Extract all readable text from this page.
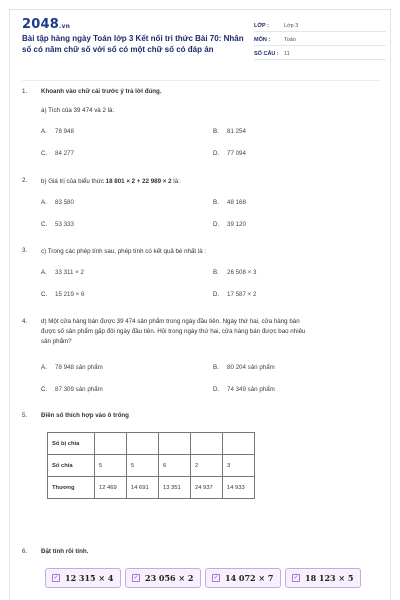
2048.vn
Bài tập hàng ngày Toán lớp 3 Kết nối tri thức Bài 70: Nhân số có năm chữ số với số có một chữ số có đáp án
LỚP :	Lớp 3
MÔN :	Toán
SỐ CÂU : 11
1. Khoanh vào chữ cái trước ý trả lời đúng.
a) Tích của 39 474 và 2 là:
A. 78 948	B. 81 254
C. 84 277	D. 77 094
2. b) Giá trị của biểu thức 18 801 × 2 + 22 989 × 2 là:
A. 83 580	B. 48 168
C. 53 333	D. 39 120
3. c) Trong các phép tính sau, phép tính có kết quả bé nhất là :
A. 33 311 × 2	B. 26 508 × 3
C. 15 219 × 6	D. 17 587 × 2
4. d) Một cửa hàng bán được 39 474 sản phẩm trong ngày đầu tiên. Ngày thứ hai, cửa hàng bán
được số sản phẩm gấp đôi ngày đầu tiên. Hỏi trong ngày thứ hai, cửa hàng bán được bao nhiêu
sản phẩm?
A. 78 948 sản phẩm	B. 80 204 sản phẩm
C. 87 309 sản phẩm	D. 74 349 sản phẩm
5. Điền số thích hợp vào ô trống
Số bị chia					
Số chia	5	5	6	2	3
Thương	12 469	14 691	13 351	24 937	14 933
6. Đặt tính rồi tính.
✓ 12 315 × 4	✓ 23 056 × 2	✓ 14 072 × 7	✓ 18 123 × 5
